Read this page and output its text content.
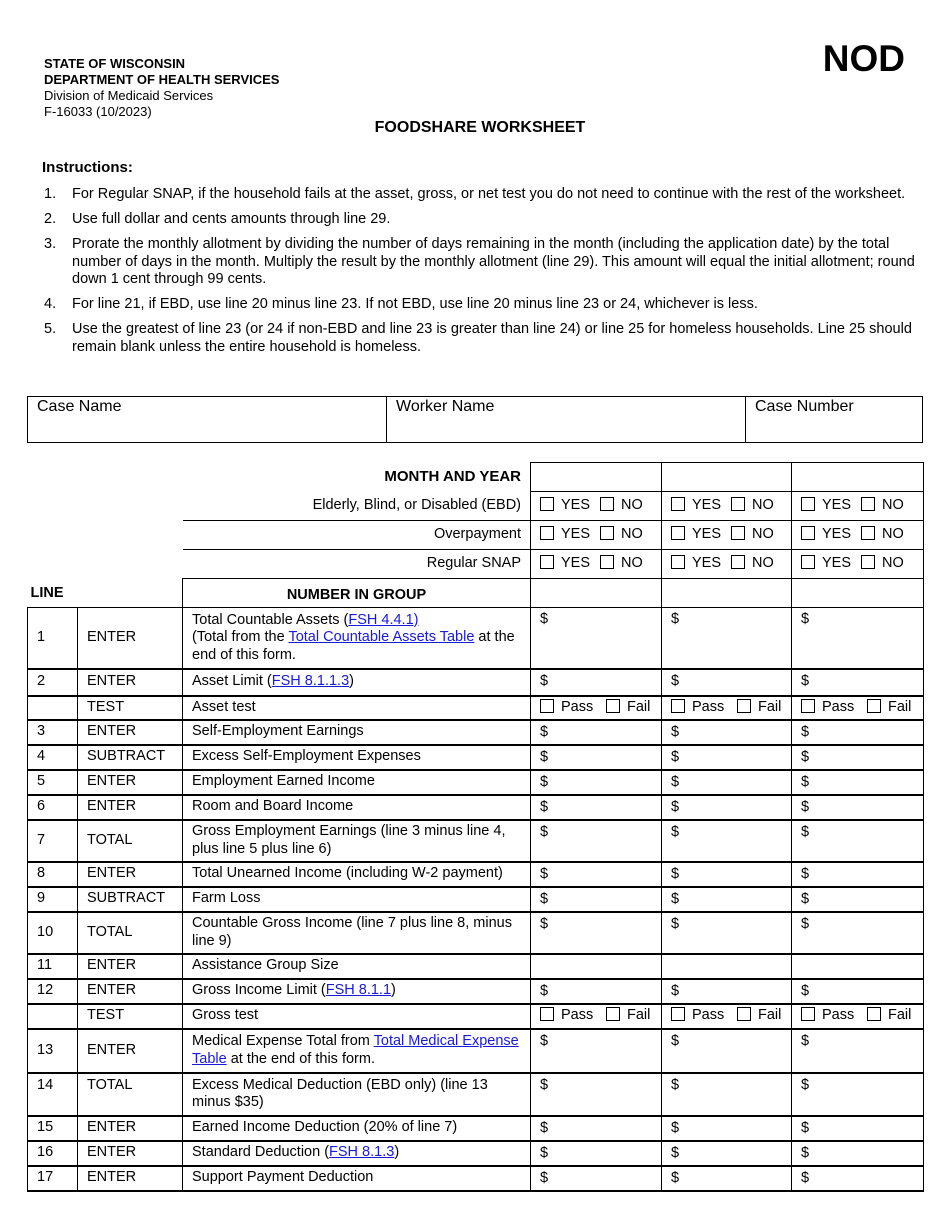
STATE OF WISCONSIN
DEPARTMENT OF HEALTH SERVICES
Division of Medicaid Services
F-16033 (10/2023)
NOD
FOODSHARE WORKSHEET
Instructions:
1. For Regular SNAP, if the household fails at the asset, gross, or net test you do not need to continue with the rest of the worksheet.
2. Use full dollar and cents amounts through line 29.
3. Prorate the monthly allotment by dividing the number of days remaining in the month (including the application date) by the total number of days in the month. Multiply the result by the monthly allotment (line 29). This amount will equal the initial allotment; round down 1 cent through 99 cents.
4. For line 21, if EBD, use line 20 minus line 23. If not EBD, use line 20 minus line 23 or 24, whichever is less.
5. Use the greatest of line 23 (or 24 if non-EBD and line 23 is greater than line 24) or line 25 for homeless households. Line 25 should remain blank unless the entire household is homeless.
Case Name	Worker Name	Case Number
MONTH AND YEAR					
		Elderly, Blind, or Disabled (EBD)	YES NO	YES NO	YES NO
		Overpayment	YES NO	YES NO	YES NO
		Regular SNAP	YES NO	YES NO	YES NO
LINE		NUMBER IN GROUP			
1	ENTER	Total Countable Assets (FSH 4.4.1)
(Total from the Total Countable Assets Table at the end of this form.	$	$	$
2	ENTER	Asset Limit (FSH 8.1.1.3)	$	$	$
	TEST	Asset test	Pass Fail	Pass Fail	Pass Fail
3	ENTER	Self-Employment Earnings	$	$	$
4	SUBTRACT	Excess Self-Employment Expenses	$	$	$
5	ENTER	Employment Earned Income	$	$	$
6	ENTER	Room and Board Income	$	$	$
7	TOTAL	Gross Employment Earnings (line 3 minus line 4, plus line 5 plus line 6)	$	$	$
8	ENTER	Total Unearned Income (including W-2 payment)	$	$	$
9	SUBTRACT	Farm Loss	$	$	$
10	TOTAL	Countable Gross Income (line 7 plus line 8, minus line 9)	$	$	$
11	ENTER	Assistance Group Size			
12	ENTER	Gross Income Limit (FSH 8.1.1)	$	$	$
	TEST	Gross test	Pass Fail	Pass Fail	Pass Fail
13	ENTER	Medical Expense Total from Total Medical Expense Table at the end of this form.	$	$	$
14	TOTAL	Excess Medical Deduction (EBD only) (line 13 minus $35)	$	$	$
15	ENTER	Earned Income Deduction (20% of line 7)	$	$	$
16	ENTER	Standard Deduction (FSH 8.1.3)	$	$	$
17	ENTER	Support Payment Deduction	$	$	$
